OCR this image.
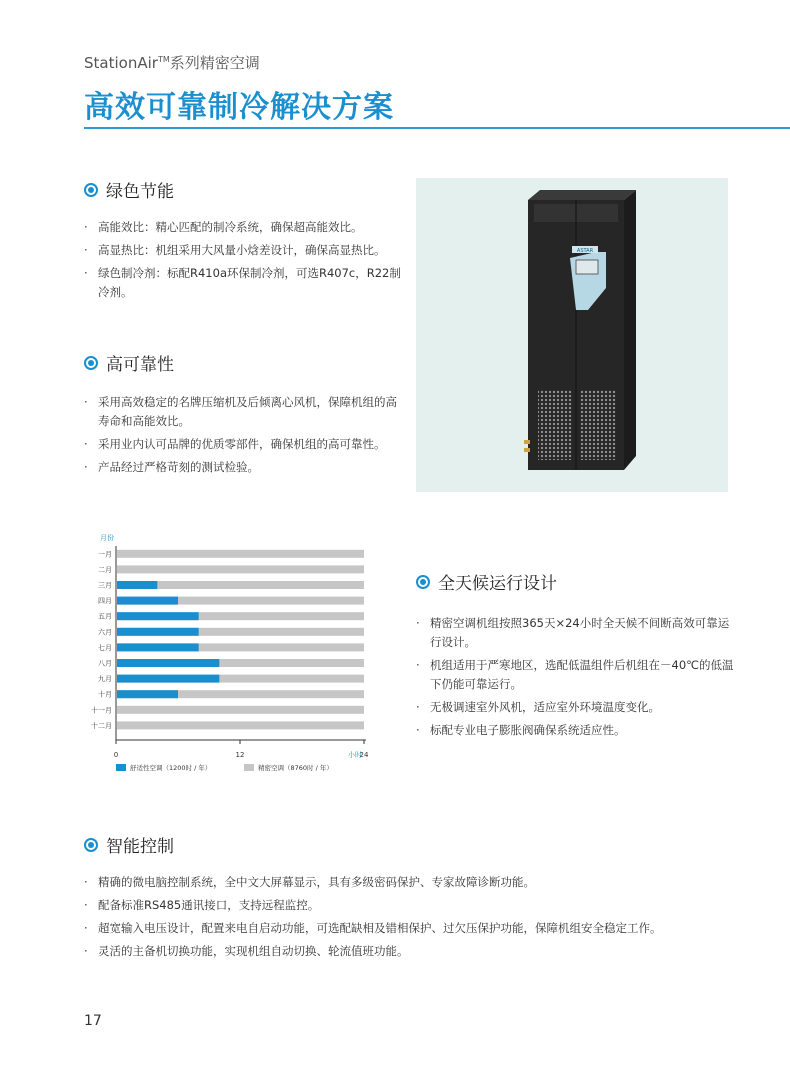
StationAir™系列精密空调
高效可靠制冷解决方案
绿色节能
· 高能效比：精心匹配的制冷系统，确保超高能效比。
· 高显热比：机组采用大风量小焓差设计，确保高显热比。
· 绿色制冷剂：标配R410a环保制冷剂，可选R407c，R22制冷剂。
高可靠性
· 采用高效稳定的名牌压缩机及后倾离心风机，保障机组的高寿命和高能效比。
· 采用业内认可品牌的优质零部件，确保机组的高可靠性。
· 产品经过严格苛刻的测试检验。
ASTAR
月份
一月
二月
三月
四月
五月
六月
七月
八月
九月
十月
十一月
十二月
0	12	24
小时
舒适性空调（1200时 / 年）	精密空调（8760时 / 年）
全天候运行设计
· 精密空调机组按照365天×24小时全天候不间断高效可靠运行设计。
· 机组适用于严寒地区，选配低温组件后机组在－40℃的低温下仍能可靠运行。
· 无极调速室外风机，适应室外环境温度变化。
· 标配专业电子膨胀阀确保系统适应性。
智能控制
· 精确的微电脑控制系统，全中文大屏幕显示，具有多级密码保护、专家故障诊断功能。
· 配备标准RS485通讯接口，支持远程监控。
· 超宽输入电压设计，配置来电自启动功能，可选配缺相及错相保护、过欠压保护功能，保障机组安全稳定工作。
· 灵活的主备机切换功能，实现机组自动切换、轮流值班功能。
17
